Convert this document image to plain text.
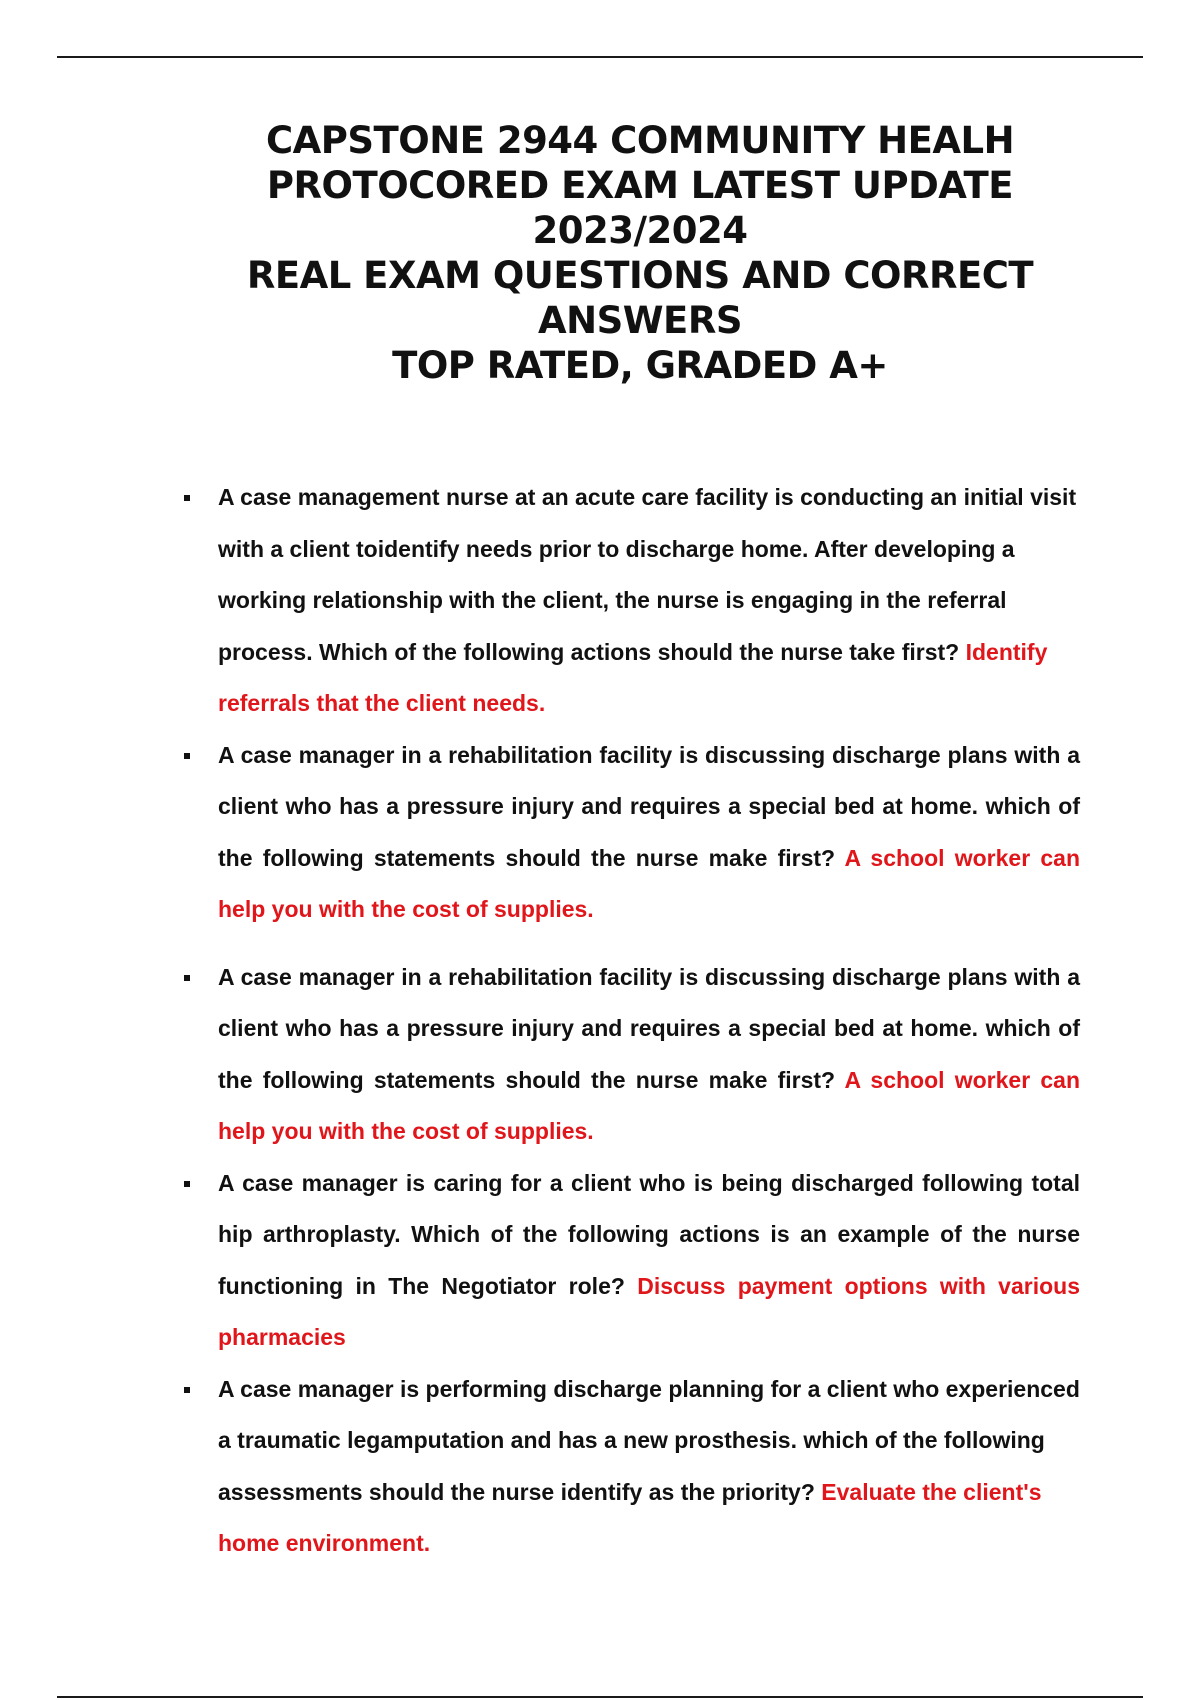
CAPSTONE 2944 COMMUNITY HEALH
PROTOCORED EXAM LATEST UPDATE
2023/2024
REAL EXAM QUESTIONS AND CORRECT
ANSWERS
TOP RATED, GRADED A+
A case management nurse at an acute care facility is conducting an initial visit with a client toidentify needs prior to discharge home. After developing a working relationship with the client, the nurse is engaging in the referral process. Which of the following actions should the nurse take first? Identify referrals that the client needs.
A case manager in a rehabilitation facility is discussing discharge plans with a client who has a pressure injury and requires a special bed at home. which of the following statements should the nurse make first? A school worker can help you with the cost of supplies.
A case manager in a rehabilitation facility is discussing discharge plans with a client who has a pressure injury and requires a special bed at home. which of the following statements should the nurse make first? A school worker can help you with the cost of supplies.
A case manager is caring for a client who is being discharged following total hip arthroplasty. Which of the following actions is an example of the nurse functioning in The Negotiator role? Discuss payment options with various pharmacies
A case manager is performing discharge planning for a client who experienced a traumatic legamputation and has a new prosthesis. which of the following assessments should the nurse identify as the priority? Evaluate the client's home environment.
